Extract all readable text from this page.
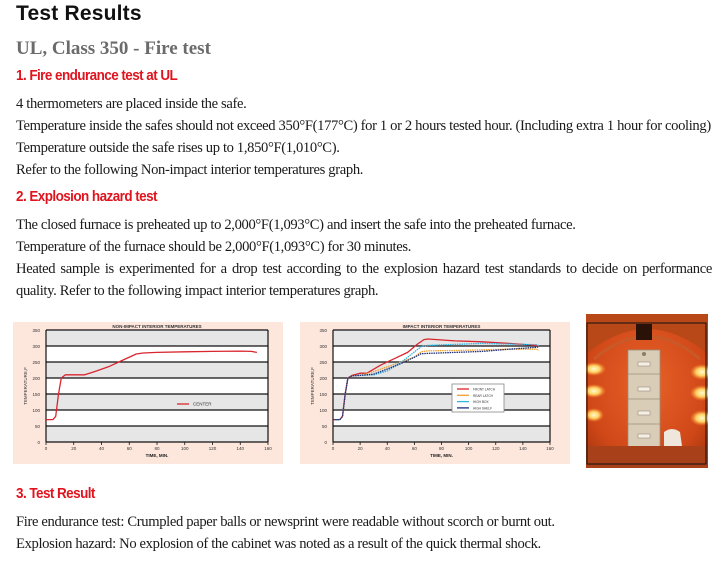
Test Results
UL, Class 350 - Fire test
1. Fire endurance test at UL

4 thermometers are placed inside the safe.

Temperature inside the safes should not exceed 350°F(177°C) for 1 or 2 hours tested hour. (Including extra 1 hour for cooling)

Temperature outside the safe rises up to 1,850°F(1,010°C).

Refer to the following Non-impact interior temperatures graph.

2. Explosion hazard test

The closed furnace is preheated up to 2,000°F(1,093°C) and insert the safe into the preheated furnace.

Temperature of the furnace should be 2,000°F(1,093°C) for 30 minutes.

Heated sample is experimented for a drop test according to the explosion hazard test standards to decide on performance quality. Refer to the following impact interior temperatures graph.

0
50
100
150
200
250
300
350
0	20	40	60	80	100	120	140	160
NON-IMPACT INTERIOR TEMPERATURES
TIME, MIN.
TEMPERATURE,F	CENTER
0
50
100
150
200
250
300
350
0	20	40	60	80	100	120	140	160
IMPACT INTERIOR TEMPERATURES
TIME, MIN.
TEMPERATURE,F	FRONT LATCH
REAR LATCH
HIGH BOX
HIGH SHELF
3. Test Result

Fire endurance test: Crumpled paper balls or newsprint were readable without scorch or burnt out.

Explosion hazard: No explosion of the cabinet was noted as a result of the quick thermal shock.
